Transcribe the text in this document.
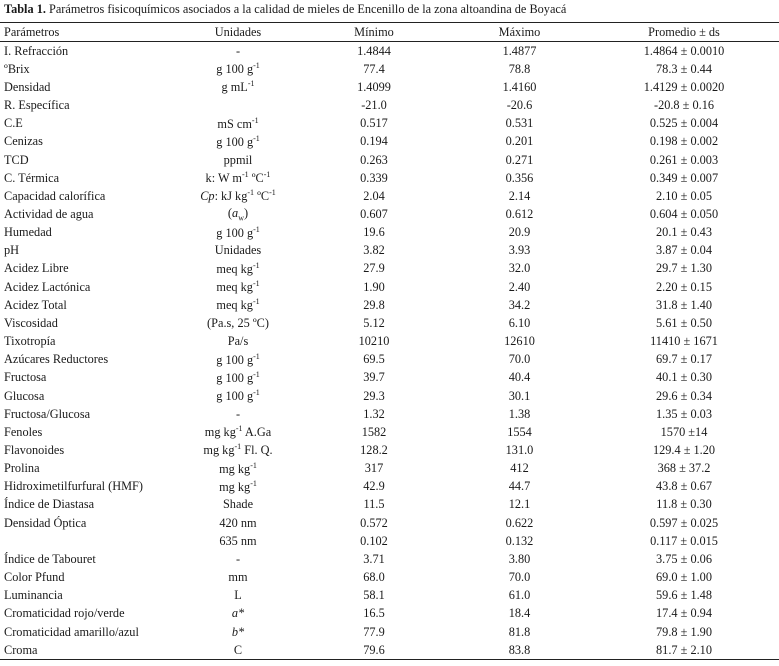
Tabla 1. Parámetros fisicoquímicos asociados a la calidad de mieles de Encenillo de la zona altoandina de Boyacá
Parámetros	Unidades	Mínimo	Máximo	Promedio ± ds
I. Refracción	-	1.4844	1.4877	1.4864 ± 0.0010
ºBrix	g 100 $g^{-1}$	77.4	78.8	78.3 ± 0.44
Densidad	g $mL^{-1}$	1.4099	1.4160	1.4129 ± 0.0020
R. Específica		-21.0	-20.6	-20.8 ± 0.16
C.E	mS $cm^{-1}$	0.517	0.531	0.525 ± 0.004
Cenizas	g 100 $g^{-1}$	0.194	0.201	0.198 ± 0.002
TCD	ppmil	0.263	0.271	0.261 ± 0.003
C. Térmica	k: W $m^{-1}$ ºC$^{-1}$	0.339	0.356	0.349 ± 0.007
Capacidad calorífica	Cp: kJ $kg^{-1}$ ºC$^{-1}$	2.04	2.14	2.10 ± 0.05
Actividad de agua	$(a_w)$	0.607	0.612	0.604 ± 0.050
Humedad	g 100 $g^{-1}$	19.6	20.9	20.1 ± 0.43
pH	Unidades	3.82	3.93	3.87 ± 0.04
Acidez Libre	meq $kg^{-1}$	27.9	32.0	29.7 ± 1.30
Acidez Lactónica	meq $kg^{-1}$	1.90	2.40	2.20 ± 0.15
Acidez Total	meq $kg^{-1}$	29.8	34.2	31.8 ± 1.40
Viscosidad	(Pa.s, 25 ºC)	5.12	6.10	5.61 ± 0.50
Tixotropía	Pa/s	10210	12610	11410 ± 1671
Azúcares Reductores	g 100 $g^{-1}$	69.5	70.0	69.7 ± 0.17
Fructosa	g 100 $g^{-1}$	39.7	40.4	40.1 ± 0.30
Glucosa	g 100 $g^{-1}$	29.3	30.1	29.6 ± 0.34
Fructosa/Glucosa	-	1.32	1.38	1.35 ± 0.03
Fenoles	mg $kg^{-1}$ A.Ga	1582	1554	1570 ±14
Flavonoides	mg $kg^{-1}$ Fl. Q.	128.2	131.0	129.4 ± 1.20
Prolina	mg $kg^{-1}$	317	412	368 ± 37.2
Hidroximetilfurfural (HMF)	mg $kg^{-1}$	42.9	44.7	43.8 ± 0.67
Índice de Diastasa	Shade	11.5	12.1	11.8 ± 0.30
Densidad Óptica	420 nm	0.572	0.622	0.597 ± 0.025
	635 nm	0.102	0.132	0.117 ± 0.015
Índice de Tabouret	-	3.71	3.80	3.75 ± 0.06
Color Pfund	mm	68.0	70.0	69.0 ± 1.00
Luminancia	L	58.1	61.0	59.6 ± 1.48
Cromaticidad rojo/verde	a*	16.5	18.4	17.4 ± 0.94
Cromaticidad amarillo/azul	b*	77.9	81.8	79.8 ± 1.90
Croma	C	79.6	83.8	81.7 ± 2.10
